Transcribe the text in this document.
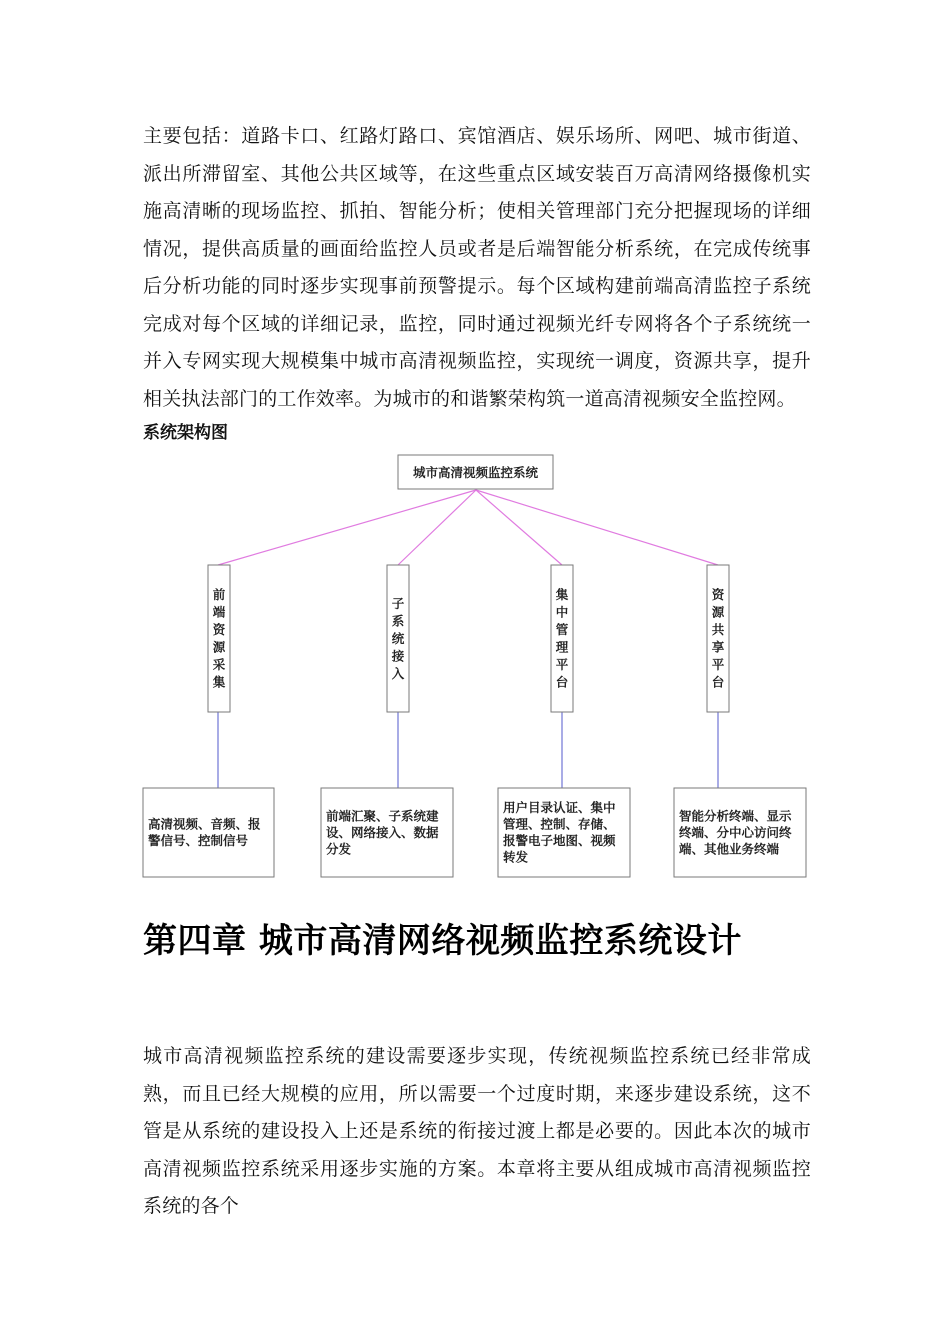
主要包括：道路卡口、红路灯路口、宾馆酒店、娱乐场所、网吧、城市街道、派出所滞留室、其他公共区域等，在这些重点区域安装百万高清网络摄像机实施高清晰的现场监控、抓拍、智能分析；使相关管理部门充分把握现场的详细情况，提供高质量的画面给监控人员或者是后端智能分析系统，在完成传统事后分析功能的同时逐步实现事前预警提示。每个区域构建前端高清监控子系统完成对每个区域的详细记录，监控，同时通过视频光纤专网将各个子系统统一并入专网实现大规模集中城市高清视频监控，实现统一调度，资源共享，提升相关执法部门的工作效率。为城市的和谐繁荣构筑一道高清视频安全监控网。

系统架构图

城市高清视频监控系统
前端资源采集
子系统接入
集中管理平台
资源共享平台
高清视频、音频、报警信号、控制信号
前端汇聚、子系统建设、网络接入、数据分发
用户目录认证、集中管理、控制、存储、报警电子地图、视频转发
智能分析终端、显示终端、分中心访问终端、其他业务终端
第四章 城市高清网络视频监控系统设计

城市高清视频监控系统的建设需要逐步实现，传统视频监控系统已经非常成熟，而且已经大规模的应用，所以需要一个过度时期，来逐步建设系统，这不管是从系统的建设投入上还是系统的衔接过渡上都是必要的。因此本次的城市高清视频监控系统采用逐步实施的方案。本章将主要从组成城市高清视频监控系统的各个
